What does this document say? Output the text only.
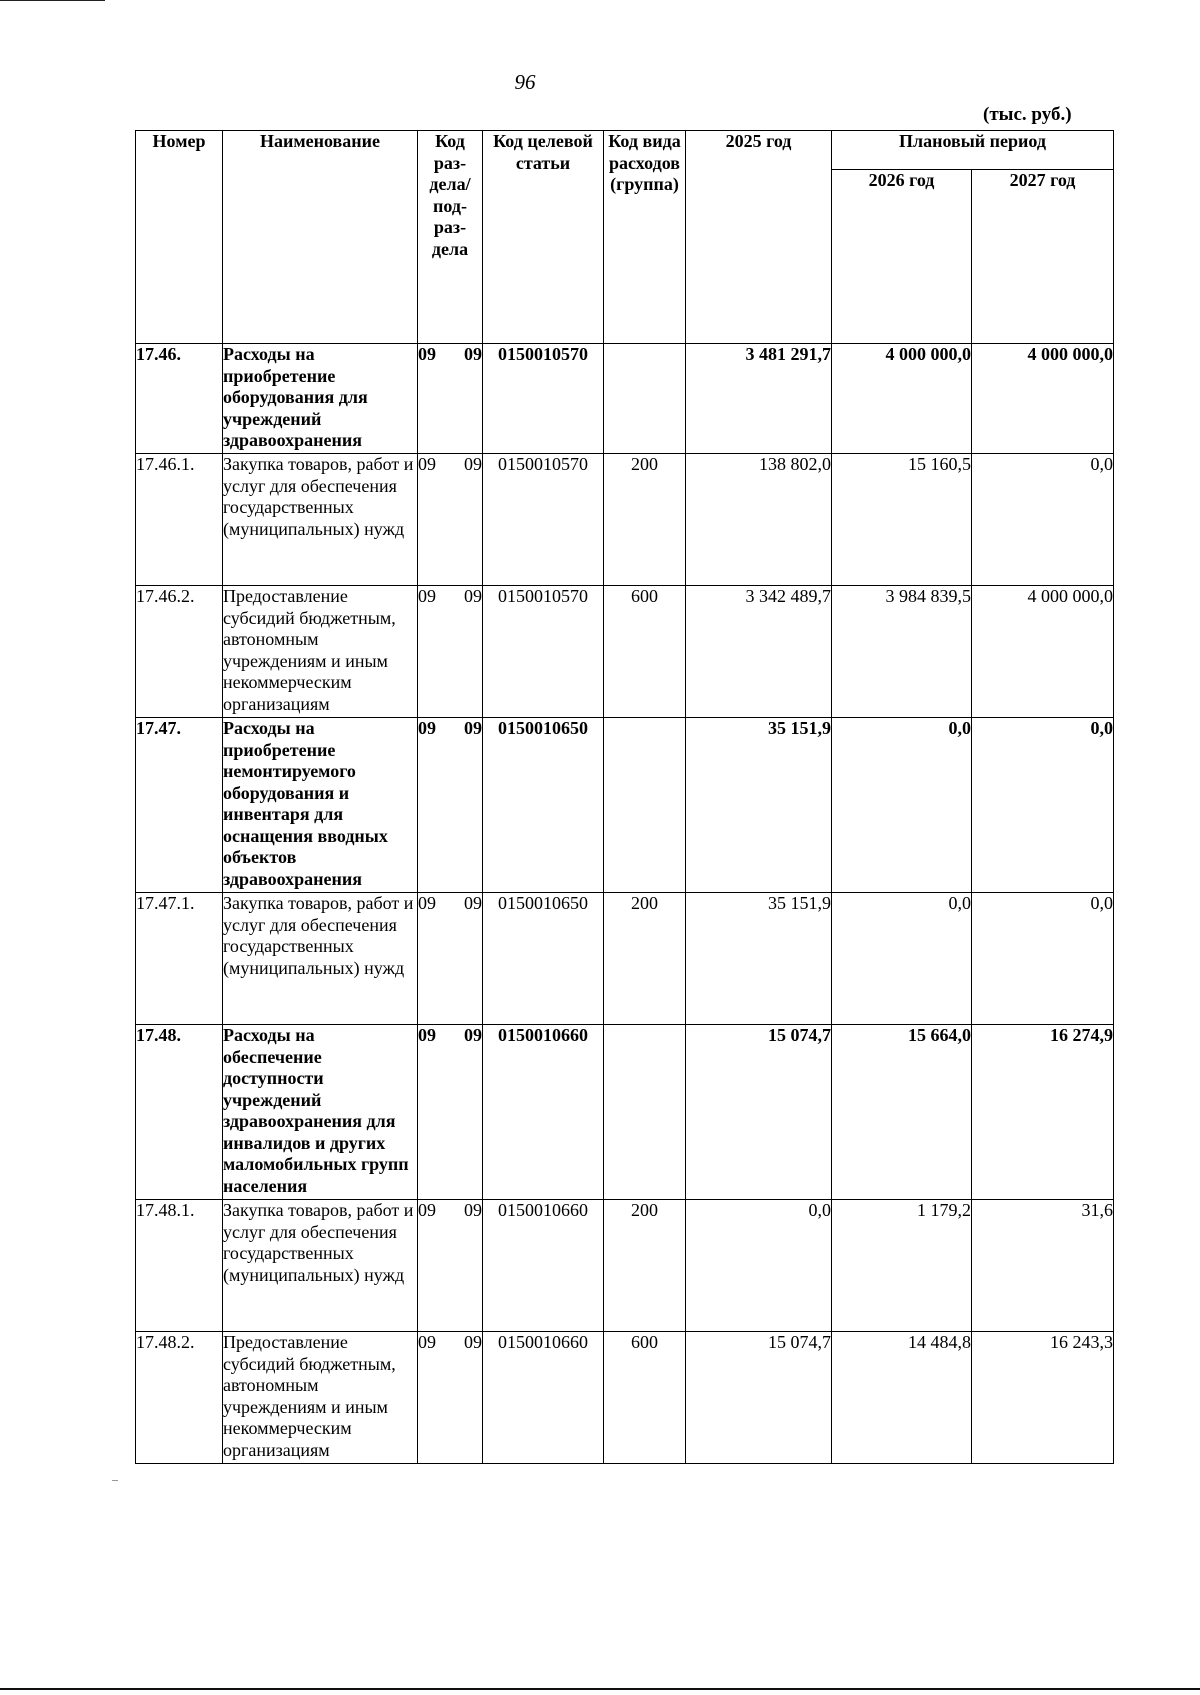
96
(тыс. руб.)
Номер	Наименование	Код раз-дела/ под-раз-дела	Код целевой статьи	Код вида расходов (группа)	2025 год	Плановый период	
						2026 год	2027 год
17.46.	Расходы на приобретение оборудования для учреждений здравоохранения	09 09	0150010570		3 481 291,7	4 000 000,0	4 000 000,0
17.46.1.	Закупка товаров, работ и услуг для обеспечения государственных (муниципальных) нужд	09 09	0150010570	200	138 802,0	15 160,5	0,0
17.46.2.	Предоставление субсидий бюджетным, автономным учреждениям и иным некоммерческим организациям	09 09	0150010570	600	3 342 489,7	3 984 839,5	4 000 000,0
17.47.	Расходы на приобретение немонтируемого оборудования и инвентаря для оснащения вводных объектов здравоохранения	09 09	0150010650		35 151,9	0,0	0,0
17.47.1.	Закупка товаров, работ и услуг для обеспечения государственных (муниципальных) нужд	09 09	0150010650	200	35 151,9	0,0	0,0
17.48.	Расходы на обеспечение доступности учреждений здравоохранения для инвалидов и других маломобильных групп населения	09 09	0150010660		15 074,7	15 664,0	16 274,9
17.48.1.	Закупка товаров, работ и услуг для обеспечения государственных (муниципальных) нужд	09 09	0150010660	200	0,0	1 179,2	31,6
17.48.2.	Предоставление субсидий бюджетным, автономным учреждениям и иным некоммерческим организациям	09 09	0150010660	600	15 074,7	14 484,8	16 243,3
